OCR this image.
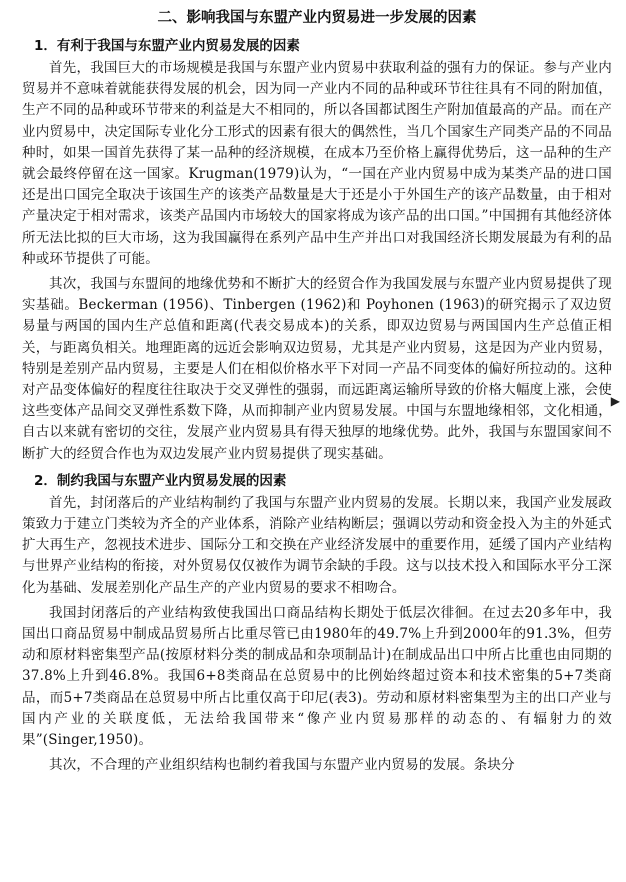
二、影响我国与东盟产业内贸易进一步发展的因素
1．有利于我国与东盟产业内贸易发展的因素

首先，我国巨大的市场规模是我国与东盟产业内贸易中获取利益的强有力的保证。参与产业内贸易并不意味着就能获得发展的机会，因为同一产业内不同的品种或环节往往具有不同的附加值，生产不同的品种或环节带来的利益是大不相同的，所以各国都试图生产附加值最高的产品。而在产业内贸易中，决定国际专业化分工形式的因素有很大的偶然性，当几个国家生产同类产品的不同品种时，如果一国首先获得了某一品种的经济规模，在成本乃至价格上赢得优势后，这一品种的生产就会最终停留在这一国家。Krugman(1979)认为，“一国在产业内贸易中成为某类产品的进口国还是出口国完全取决于该国生产的该类产品数量是大于还是小于外国生产的该产品数量，由于相对产量决定于相对需求，该类产品国内市场较大的国家将成为该产品的出口国。”中国拥有其他经济体所无法比拟的巨大市场，这为我国赢得在系列产品中生产并出口对我国经济长期发展最为有利的品种或环节提供了可能。

其次，我国与东盟间的地缘优势和不断扩大的经贸合作为我国发展与东盟产业内贸易提供了现实基础。Beckerman (1956)、Tinbergen (1962)和 Poyhonen (1963)的研究揭示了双边贸易量与两国的国内生产总值和距离(代表交易成本)的关系，即双边贸易与两国国内生产总值正相关，与距离负相关。地理距离的远近会影响双边贸易，尤其是产业内贸易，这是因为产业内贸易，特别是差别产品内贸易，主要是人们在相似价格水平下对同一产品不同变体的偏好所拉动的。这种对产品变体偏好的程度往往取决于交叉弹性的强弱，而远距离运输所导致的价格大幅度上涨，会使这些变体产品间交叉弹性系数下降，从而抑制产业内贸易发展。中国与东盟地缘相邻，文化相通，自古以来就有密切的交往，发展产业内贸易具有得天独厚的地缘优势。此外，我国与东盟国家间不断扩大的经贸合作也为双边发展产业内贸易提供了现实基础。

2．制约我国与东盟产业内贸易发展的因素

首先，封闭落后的产业结构制约了我国与东盟产业内贸易的发展。长期以来，我国产业发展政策致力于建立门类较为齐全的产业体系，消除产业结构断层；强调以劳动和资金投入为主的外延式扩大再生产，忽视技术进步、国际分工和交换在产业经济发展中的重要作用，延缓了国内产业结构与世界产业结构的衔接，对外贸易仅仅被作为调节余缺的手段。这与以技术投入和国际水平分工深化为基础、发展差别化产品生产的产业内贸易的要求不相吻合。

我国封闭落后的产业结构致使我国出口商品结构长期处于低层次徘徊。在过去20多年中，我国出口商品贸易中制成品贸易所占比重尽管已由1980年的49.7%上升到2000年的91.3%，但劳动和原材料密集型产品(按原材料分类的制成品和杂项制品计)在制成品出口中所占比重也由同期的37.8%上升到46.8%。我国6+8类商品在总贸易中的比例始终超过资本和技术密集的5+7类商品，而5+7类商品在总贸易中所占比重仅高于印尼(表3)。劳动和原材料密集型为主的出口产业与国内产业的关联度低，无法给我国带来“像产业内贸易那样的动态的、有辐射力的效果”(Singer,1950)。

其次，不合理的产业组织结构也制约着我国与东盟产业内贸易的发展。条块分

▶
